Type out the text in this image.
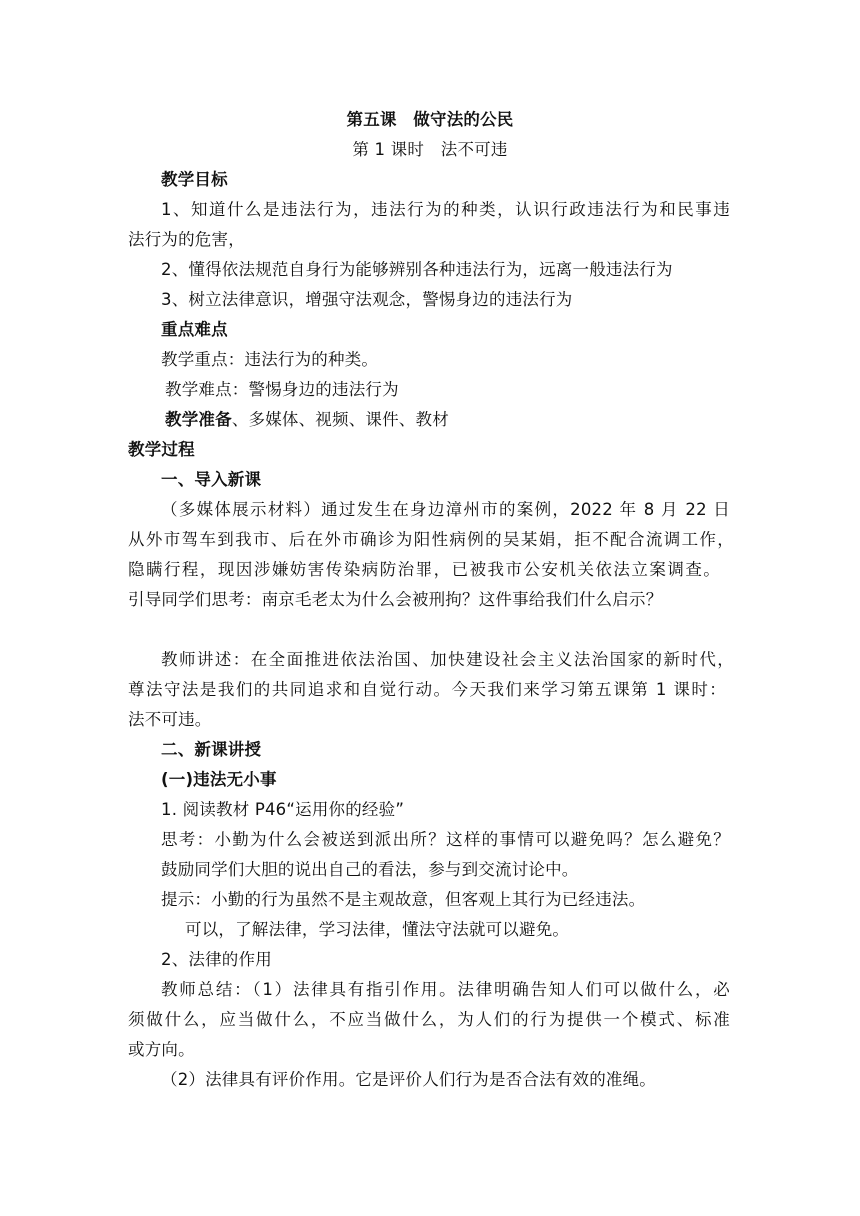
第五课　做守法的公民
第 1 课时　法不可违
教学目标
1、知道什么是违法行为，违法行为的种类，认识行政违法行为和民事违
法行为的危害，
2、懂得依法规范自身行为能够辨别各种违法行为，远离一般违法行为
3、树立法律意识，增强守法观念，警惕身边的违法行为
重点难点
教学重点：违法行为的种类。
教学难点：警惕身边的违法行为
教学准备、多媒体、视频、课件、教材
教学过程
一、导入新课
（多媒体展示材料）通过发生在身边漳州市的案例，2022 年 8 月 22 日
从外市驾车到我市、后在外市确诊为阳性病例的吴某娟，拒不配合流调工作，
隐瞒行程，现因涉嫌妨害传染病防治罪，已被我市公安机关依法立案调查。
引导同学们思考：南京毛老太为什么会被刑拘？这件事给我们什么启示？
教师讲述：在全面推进依法治国、加快建设社会主义法治国家的新时代，
尊法守法是我们的共同追求和自觉行动。今天我们来学习第五课第 1 课时：
法不可违。
二、新课讲授
(一)违法无小事
1. 阅读教材 P46“运用你的经验”
思考：小勤为什么会被送到派出所？这样的事情可以避免吗？怎么避免？
鼓励同学们大胆的说出自己的看法，参与到交流讨论中。
提示：小勤的行为虽然不是主观故意，但客观上其行为已经违法。
可以，了解法律，学习法律，懂法守法就可以避免。
2、法律的作用
教师总结：（1）法律具有指引作用。法律明确告知人们可以做什么，必
须做什么，应当做什么，不应当做什么，为人们的行为提供一个模式、标准
或方向。
（2）法律具有评价作用。它是评价人们行为是否合法有效的准绳。
